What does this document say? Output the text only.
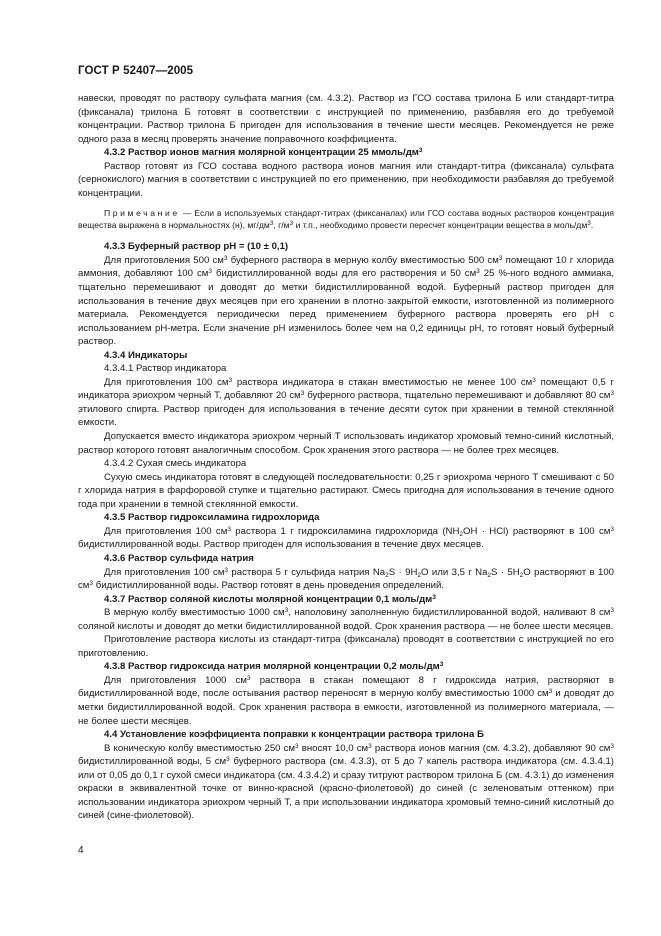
ГОСТ Р 52407—2005

навески, проводят по раствору сульфата магния (см. 4.3.2). Раствор из ГСО состава трилона Б или стандарт-титра (фиксанала) трилона Б готовят в соответствии с инструкцией по применению, разбавляя его до требуемой концентрации. Раствор трилона Б пригоден для использования в течение шести месяцев. Рекомендуется не реже одного раза в месяц проверять значение поправочного коэффициента.

4.3.2 Раствор ионов магния молярной концентрации 25 ммоль/$дм^3$

Раствор готовят из ГСО состава водного раствора ионов магния или стандарт-титра (фиксанала) сульфата (сернокислого) магния в соответствии с инструкцией по его применению, при необходимости разбавляя до требуемой концентрации.

Примечание — Если в используемых стандарт-титрах (фиксаналах) или ГСО состава водных растворов концентрация вещества выражена в нормальностях (н), $мг/дм^3$, $г/м^3$ и т.п., необходимо провести пересчет концентрации вещества в моль/$дм^3$.

4.3.3 Буферный раствор pH = (10 ± 0,1)

Для приготовления 500 $см^3$ буферного раствора в мерную колбу вместимостью 500 $см^3$ помещают 10 г хлорида аммония, добавляют 100 $см^3$ бидистиллированной воды для его растворения и 50 $см^3$ 25 %-ного водного аммиака, тщательно перемешивают и доводят до метки бидистиллированной водой. Буферный раствор пригоден для использования в течение двух месяцев при его хранении в плотно закрытой емкости, изготовленной из полимерного материала. Рекомендуется периодически перед применением буферного раствора проверять его pH с использованием pH-метра. Если значение pH изменилось более чем на 0,2 единицы pH, то готовят новый буферный раствор.

4.3.4 Индикаторы

4.3.4.1 Раствор индикатора

Для приготовления 100 $см^3$ раствора индикатора в стакан вместимостью не менее 100 $см^3$ помещают 0,5 г индикатора эриохром черный Т, добавляют 20 $см^3$ буферного раствора, тщательно перемешивают и добавляют 80 $см^3$ этилового спирта. Раствор пригоден для использования в течение десяти суток при хранении в темной стеклянной емкости.

Допускается вместо индикатора эриохром черный Т использовать индикатор хромовый темно-синий кислотный, раствор которого готовят аналогичным способом. Срок хранения этого раствора — не более трех месяцев.

4.3.4.2 Сухая смесь индикатора

Сухую смесь индикатора готовят в следующей последовательности: 0,25 г эриохрома черного Т смешивают с 50 г хлорида натрия в фарфоровой ступке и тщательно растирают. Смесь пригодна для использования в течение одного года при хранении в темной стеклянной емкости.

4.3.5 Раствор гидроксиламина гидрохлорида

Для приготовления 100 $см^3$ раствора 1 г гидроксиламина гидрохлорида $(NH_2OH \cdot HCl)$ растворяют в 100 $см^3$ бидистиллированной воды. Раствор пригоден для использования в течение двух месяцев.

4.3.6 Раствор сульфида натрия

Для приготовления 100 $см^3$ раствора 5 г сульфида натрия $Na_2S \cdot 9H_2O$ или 3,5 г $Na_2S \cdot 5H_2O$ растворяют в 100 $см^3$ бидистиллированной воды. Раствор готовят в день проведения определений.

4.3.7 Раствор соляной кислоты молярной концентрации 0,1 моль/$дм^3$

В мерную колбу вместимостью 1000 $см^3$, наполовину заполненную бидистиллированной водой, наливают 8 $см^3$ соляной кислоты и доводят до метки бидистиллированной водой. Срок хранения раствора — не более шести месяцев.

Приготовление раствора кислоты из стандарт-титра (фиксанала) проводят в соответствии с инструкцией по его приготовлению.

4.3.8 Раствор гидроксида натрия молярной концентрации 0,2 моль/$дм^3$

Для приготовления 1000 $см^3$ раствора в стакан помещают 8 г гидроксида натрия, растворяют в бидистиллированной воде, после остывания раствор переносят в мерную колбу вместимостью 1000 $см^3$ и доводят до метки бидистиллированной водой. Срок хранения раствора в емкости, изготовленной из полимерного материала, — не более шести месяцев.

4.4 Установление коэффициента поправки к концентрации раствора трилона Б

В коническую колбу вместимостью 250 $см^3$ вносят 10,0 $см^3$ раствора ионов магния (см. 4.3.2), добавляют 90 $см^3$ бидистиллированной воды, 5 $см^3$ буферного раствора (см. 4.3.3), от 5 до 7 капель раствора индикатора (см. 4.3.4.1) или от 0,05 до 0,1 г сухой смеси индикатора (см. 4.3.4.2) и сразу титруют раствором трилона Б (см. 4.3.1) до изменения окраски в эквивалентной точке от винно-красной (красно-фиолетовой) до синей (с зеленоватым оттенком) при использовании индикатора эриохром черный Т, а при использовании индикатора хромовый темно-синий кислотный до синей (сине-фиолетовой).

4
